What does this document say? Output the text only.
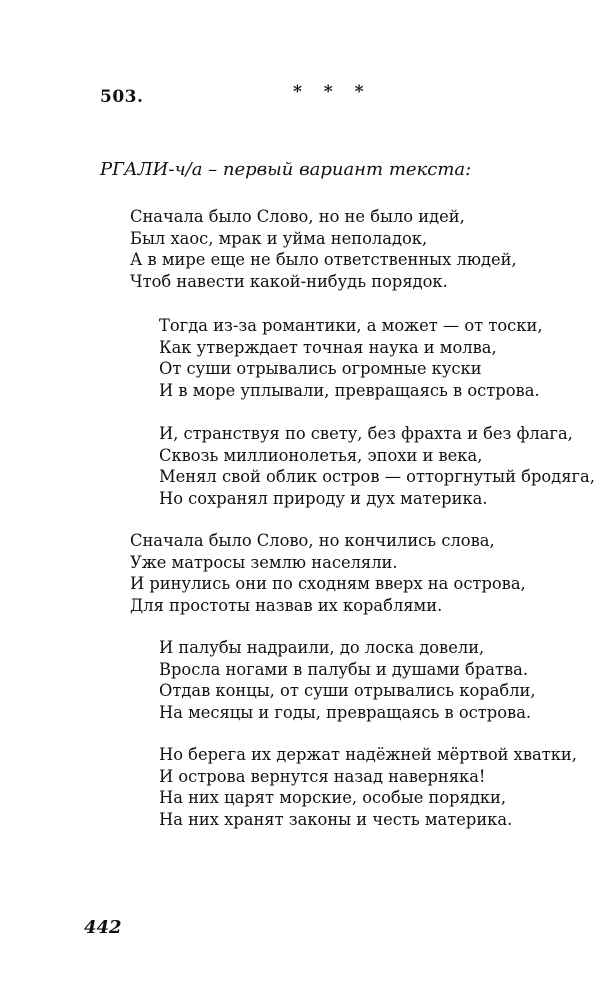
503.	* * *
РГАЛИ-ч/а – первый вариант текста:
Сначала было Слово, но не было идей,
Был хаос, мрак и уйма неполадок,
А в мире еще не было ответственных людей,
Чтоб навести какой-нибудь порядок.
Тогда из-за романтики, а может — от тоски,
Как утверждает точная наука и молва,
От суши отрывались огромные куски
И в море уплывали, превращаясь в острова.
И, странствуя по свету, без фрахта и без флага,
Сквозь миллионолетья, эпохи и века,
Менял свой облик остров — отторгнутый бродяга,
Но сохранял природу и дух материка.
Сначала было Слово, но кончились слова,
Уже матросы землю населяли.
И ринулись они по сходням вверх на острова,
Для простоты назвав их кораблями.
И палубы надраили, до лоска довели,
Вросла ногами в палубы и душами братва.
Отдав концы, от суши отрывались корабли,
На месяцы и годы, превращаясь в острова.
Но берега их держат надёжней мёртвой хватки,
И острова вернутся назад наверняка!
На них царят морские, особые порядки,
На них хранят законы и честь материка.
442
